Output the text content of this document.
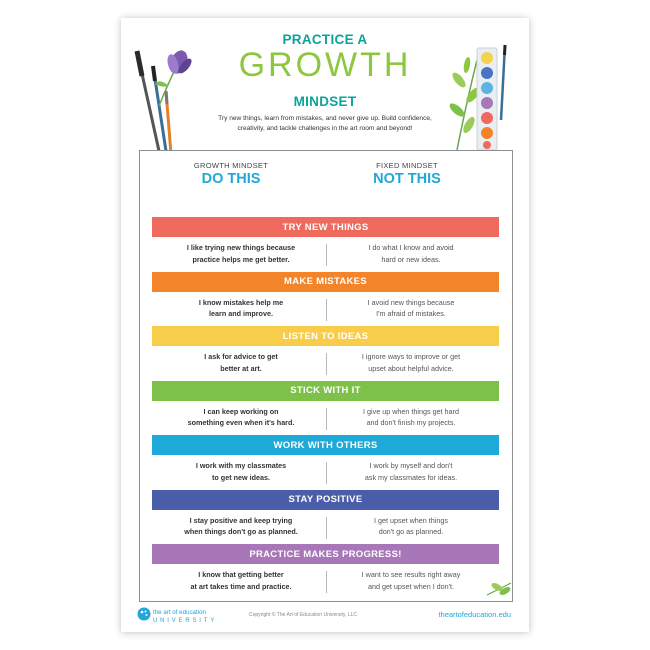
PRACTICE A
GROWTH
MINDSET
Try new things, learn from mistakes, and never give up. Build confidence, creativity, and tackle challenges in the art room and beyond!
GROWTH MINDSET
DO THIS
FIXED MINDSET
NOT THIS
TRY NEW THINGS
I like trying new things because
practice helps me get better.
I do what I know and avoid
hard or new ideas.
MAKE MISTAKES
I know mistakes help me
learn and improve.
I avoid new things because
I'm afraid of mistakes.
LISTEN TO IDEAS
I ask for advice to get
better at art.
I ignore ways to improve or get
upset about helpful advice.
STICK WITH IT
I can keep working on
something even when it's hard.
I give up when things get hard
and don't finish my projects.
WORK WITH OTHERS
I work with my classmates
to get new ideas.
I work by myself and don't
ask my classmates for ideas.
STAY POSITIVE
I stay positive and keep trying
when things don't go as planned.
I get upset when things
don't go as planned.
PRACTICE MAKES PROGRESS!
I know that getting better
at art takes time and practice.
I want to see results right away
and get upset when I don't.
the art of education
UNIVERSITY
Copyright © The Art of Education University, LLC	theartofeducation.edu
